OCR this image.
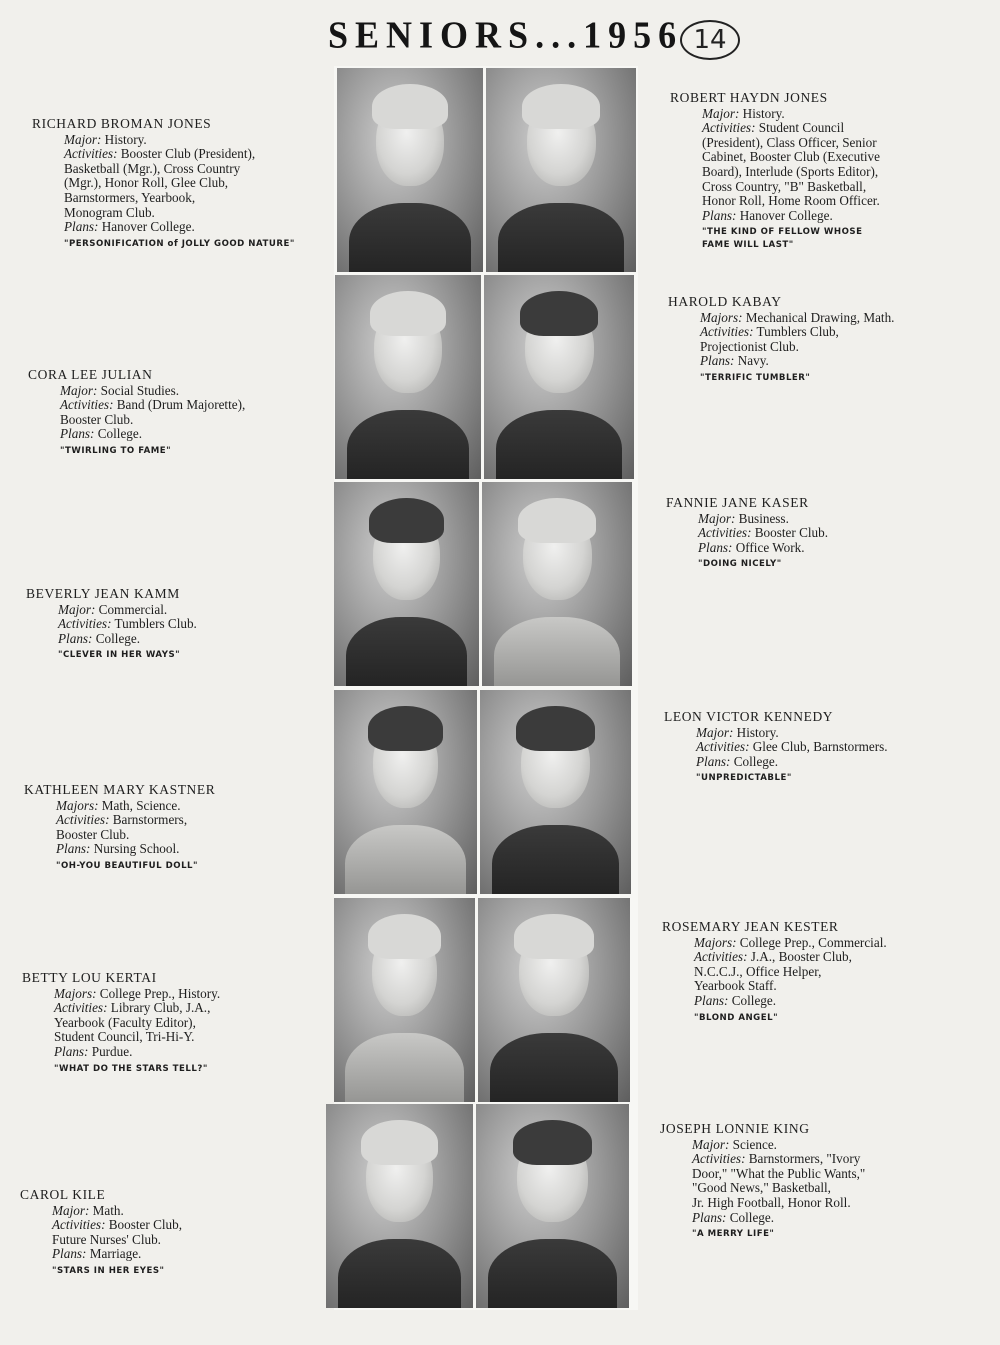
SENIORS...1956 14
RICHARD BROMAN JONES
Major: History.
Activities: Booster Club (President),
Basketball (Mgr.), Cross Country
(Mgr.), Honor Roll, Glee Club,
Barnstormers, Yearbook,
Monogram Club.
Plans: Hanover College.
"PERSONIFICATION of JOLLY GOOD NATURE"
CORA LEE JULIAN
Major: Social Studies.
Activities: Band (Drum Majorette),
Booster Club.
Plans: College.
"TWIRLING TO FAME"
BEVERLY JEAN KAMM
Major: Commercial.
Activities: Tumblers Club.
Plans: College.
"CLEVER IN HER WAYS"
KATHLEEN MARY KASTNER
Majors: Math, Science.
Activities: Barnstormers,
Booster Club.
Plans: Nursing School.
"OH-YOU BEAUTIFUL DOLL"
BETTY LOU KERTAI
Majors: College Prep., History.
Activities: Library Club, J.A.,
Yearbook (Faculty Editor),
Student Council, Tri-Hi-Y.
Plans: Purdue.
"WHAT DO THE STARS TELL?"
CAROL KILE
Major: Math.
Activities: Booster Club,
Future Nurses' Club.
Plans: Marriage.
"STARS IN HER EYES"
ROBERT HAYDN JONES
Major: History.
Activities: Student Council
(President), Class Officer, Senior
Cabinet, Booster Club (Executive
Board), Interlude (Sports Editor),
Cross Country, "B" Basketball,
Honor Roll, Home Room Officer.
Plans: Hanover College.
"THE KIND OF FELLOW WHOSE
FAME WILL LAST"
HAROLD KABAY
Majors: Mechanical Drawing, Math.
Activities: Tumblers Club,
Projectionist Club.
Plans: Navy.
"TERRIFIC TUMBLER"
FANNIE JANE KASER
Major: Business.
Activities: Booster Club.
Plans: Office Work.
"DOING NICELY"
LEON VICTOR KENNEDY
Major: History.
Activities: Glee Club, Barnstormers.
Plans: College.
"UNPREDICTABLE"
ROSEMARY JEAN KESTER
Majors: College Prep., Commercial.
Activities: J.A., Booster Club,
N.C.C.J., Office Helper,
Yearbook Staff.
Plans: College.
"BLOND ANGEL"
JOSEPH LONNIE KING
Major: Science.
Activities: Barnstormers, "Ivory
Door," "What the Public Wants,"
"Good News," Basketball,
Jr. High Football, Honor Roll.
Plans: College.
"A MERRY LIFE"
